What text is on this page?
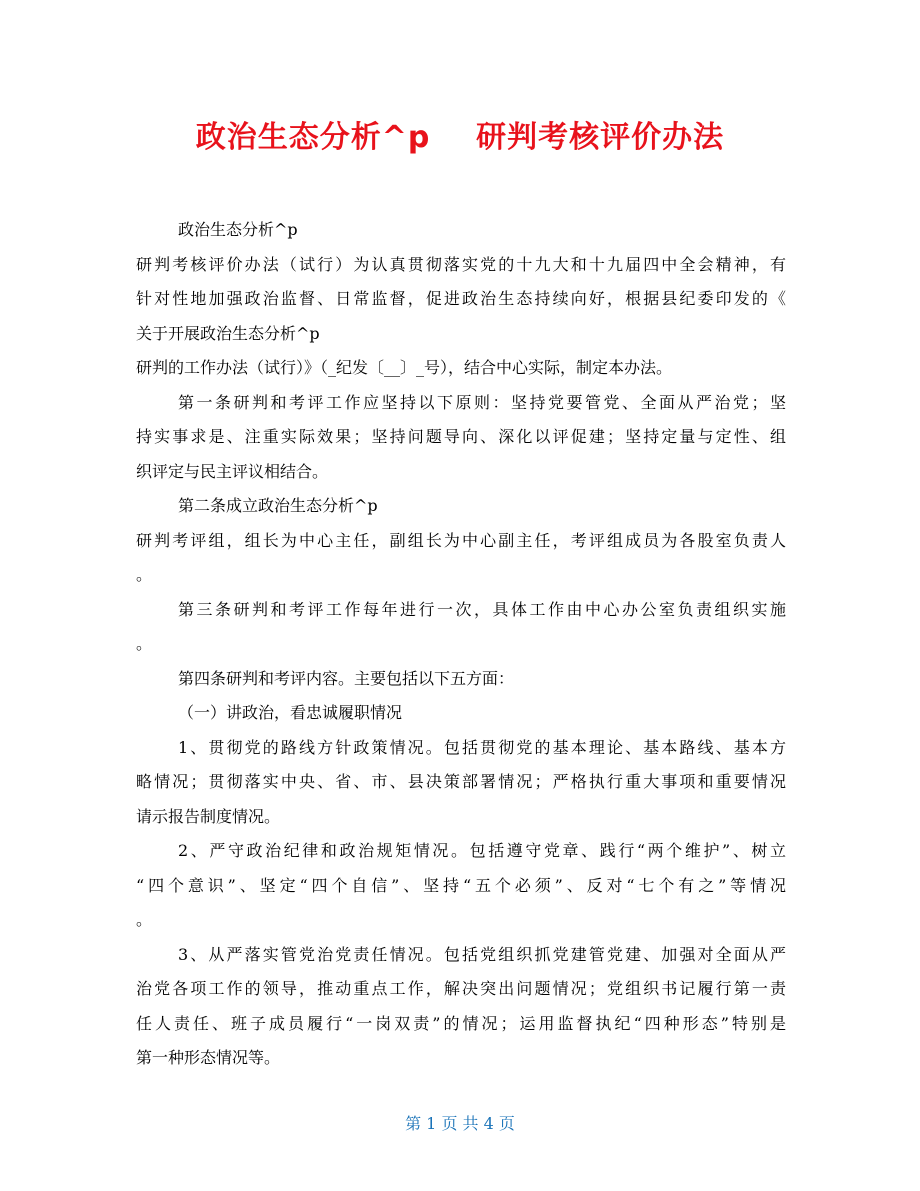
政治生态分析^p    研判考核评价办法
政治生态分析^p
研判考核评价办法（试行）为认真贯彻落实党的十九大和十九届四中全会精神，有
针对性地加强政治监督、日常监督，促进政治生态持续向好，根据县纪委印发的《
关于开展政治生态分析^p
研判的工作办法（试行）》（_纪发〔__〕_号），结合中心实际，制定本办法。
第一条研判和考评工作应坚持以下原则：坚持党要管党、全面从严治党；坚
持实事求是、注重实际效果；坚持问题导向、深化以评促建；坚持定量与定性、组
织评定与民主评议相结合。
第二条成立政治生态分析^p
研判考评组，组长为中心主任，副组长为中心副主任，考评组成员为各股室负责人
。
第三条研判和考评工作每年进行一次，具体工作由中心办公室负责组织实施
。
第四条研判和考评内容。主要包括以下五方面：
（一）讲政治，看忠诚履职情况
1、贯彻党的路线方针政策情况。包括贯彻党的基本理论、基本路线、基本方
略情况；贯彻落实中央、省、市、县决策部署情况；严格执行重大事项和重要情况
请示报告制度情况。
2、严守政治纪律和政治规矩情况。包括遵守党章、践行“两个维护”、树立
“四个意识”、坚定“四个自信”、坚持“五个必须”、反对“七个有之”等情况
。
3、从严落实管党治党责任情况。包括党组织抓党建管党建、加强对全面从严
治党各项工作的领导，推动重点工作，解决突出问题情况；党组织书记履行第一责
任人责任、班子成员履行“一岗双责”的情况；运用监督执纪“四种形态”特别是
第一种形态情况等。
第 1 页 共 4 页
